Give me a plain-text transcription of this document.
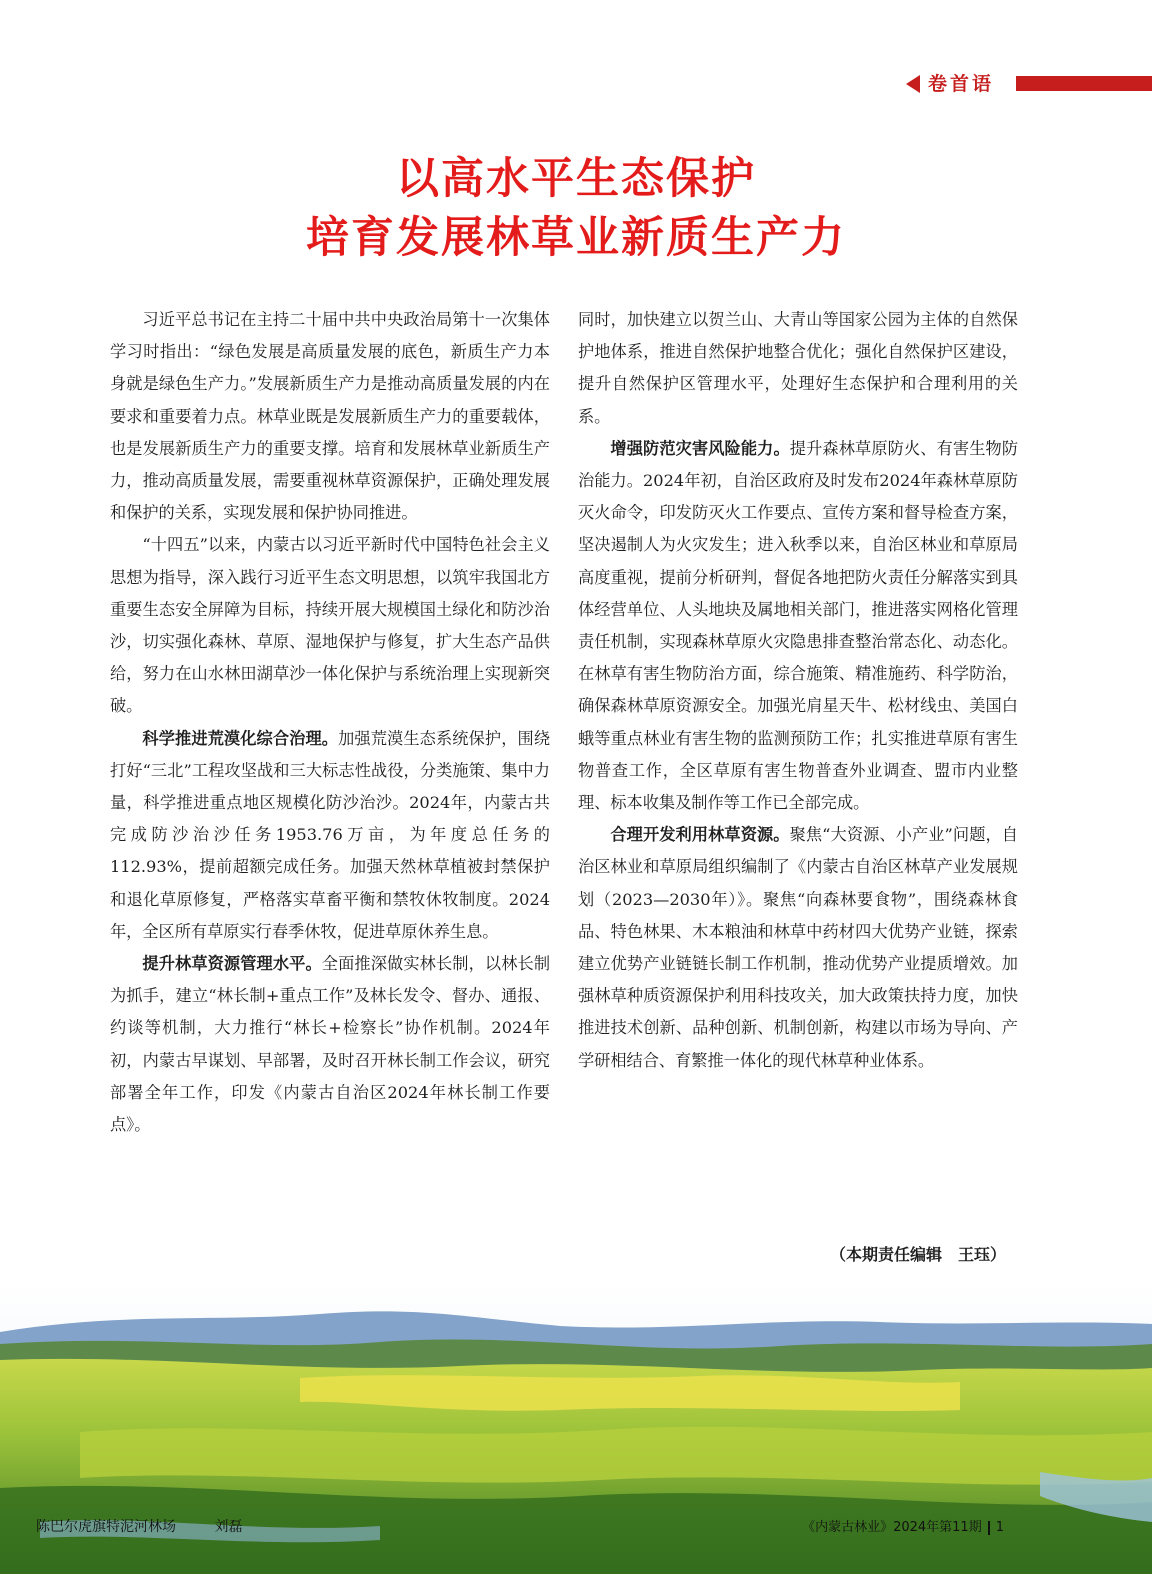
卷首语
以高水平生态保护
培育发展林草业新质生产力

习近平总书记在主持二十届中共中央政治局第十一次集体学习时指出：“绿色发展是高质量发展的底色，新质生产力本身就是绿色生产力。”发展新质生产力是推动高质量发展的内在要求和重要着力点。林草业既是发展新质生产力的重要载体，也是发展新质生产力的重要支撑。培育和发展林草业新质生产力，推动高质量发展，需要重视林草资源保护，正确处理发展和保护的关系，实现发展和保护协同推进。

“十四五”以来，内蒙古以习近平新时代中国特色社会主义思想为指导，深入践行习近平生态文明思想，以筑牢我国北方重要生态安全屏障为目标，持续开展大规模国土绿化和防沙治沙，切实强化森林、草原、湿地保护与修复，扩大生态产品供给，努力在山水林田湖草沙一体化保护与系统治理上实现新突破。

科学推进荒漠化综合治理。加强荒漠生态系统保护，围绕打好“三北”工程攻坚战和三大标志性战役，分类施策、集中力量，科学推进重点地区规模化防沙治沙。2024年，内蒙古共完成防沙治沙任务1953.76万亩，为年度总任务的112.93%，提前超额完成任务。加强天然林草植被封禁保护和退化草原修复，严格落实草畜平衡和禁牧休牧制度。2024年，全区所有草原实行春季休牧，促进草原休养生息。

提升林草资源管理水平。全面推深做实林长制，以林长制为抓手，建立“林长制+重点工作”及林长发令、督办、通报、约谈等机制，大力推行“林长+检察长”协作机制。2024年初，内蒙古早谋划、早部署，及时召开林长制工作会议，研究部署全年工作，印发《内蒙古自治区2024年林长制工作要点》。

同时，加快建立以贺兰山、大青山等国家公园为主体的自然保护地体系，推进自然保护地整合优化；强化自然保护区建设，提升自然保护区管理水平，处理好生态保护和合理利用的关系。

增强防范灾害风险能力。提升森林草原防火、有害生物防治能力。2024年初，自治区政府及时发布2024年森林草原防灭火命令，印发防灭火工作要点、宣传方案和督导检查方案，坚决遏制人为火灾发生；进入秋季以来，自治区林业和草原局高度重视，提前分析研判，督促各地把防火责任分解落实到具体经营单位、人头地块及属地相关部门，推进落实网格化管理责任机制，实现森林草原火灾隐患排查整治常态化、动态化。在林草有害生物防治方面，综合施策、精准施药、科学防治，确保森林草原资源安全。加强光肩星天牛、松材线虫、美国白蛾等重点林业有害生物的监测预防工作；扎实推进草原有害生物普查工作，全区草原有害生物普查外业调查、盟市内业整理、标本收集及制作等工作已全部完成。

合理开发利用林草资源。聚焦“大资源、小产业”问题，自治区林业和草原局组织编制了《内蒙古自治区林草产业发展规划（2023—2030年）》。聚焦“向森林要食物”，围绕森林食品、特色林果、木本粮油和林草中药材四大优势产业链，探索建立优势产业链链长制工作机制，推动优势产业提质增效。加强林草种质资源保护利用科技攻关，加大政策扶持力度，加快推进技术创新、品种创新、机制创新，构建以市场为导向、产学研相结合、育繁推一体化的现代林草种业体系。

（本期责任编辑　王珏）
陈巴尔虎旗特泥河林场	刘磊	《内蒙古林业》2024年第11期 1
